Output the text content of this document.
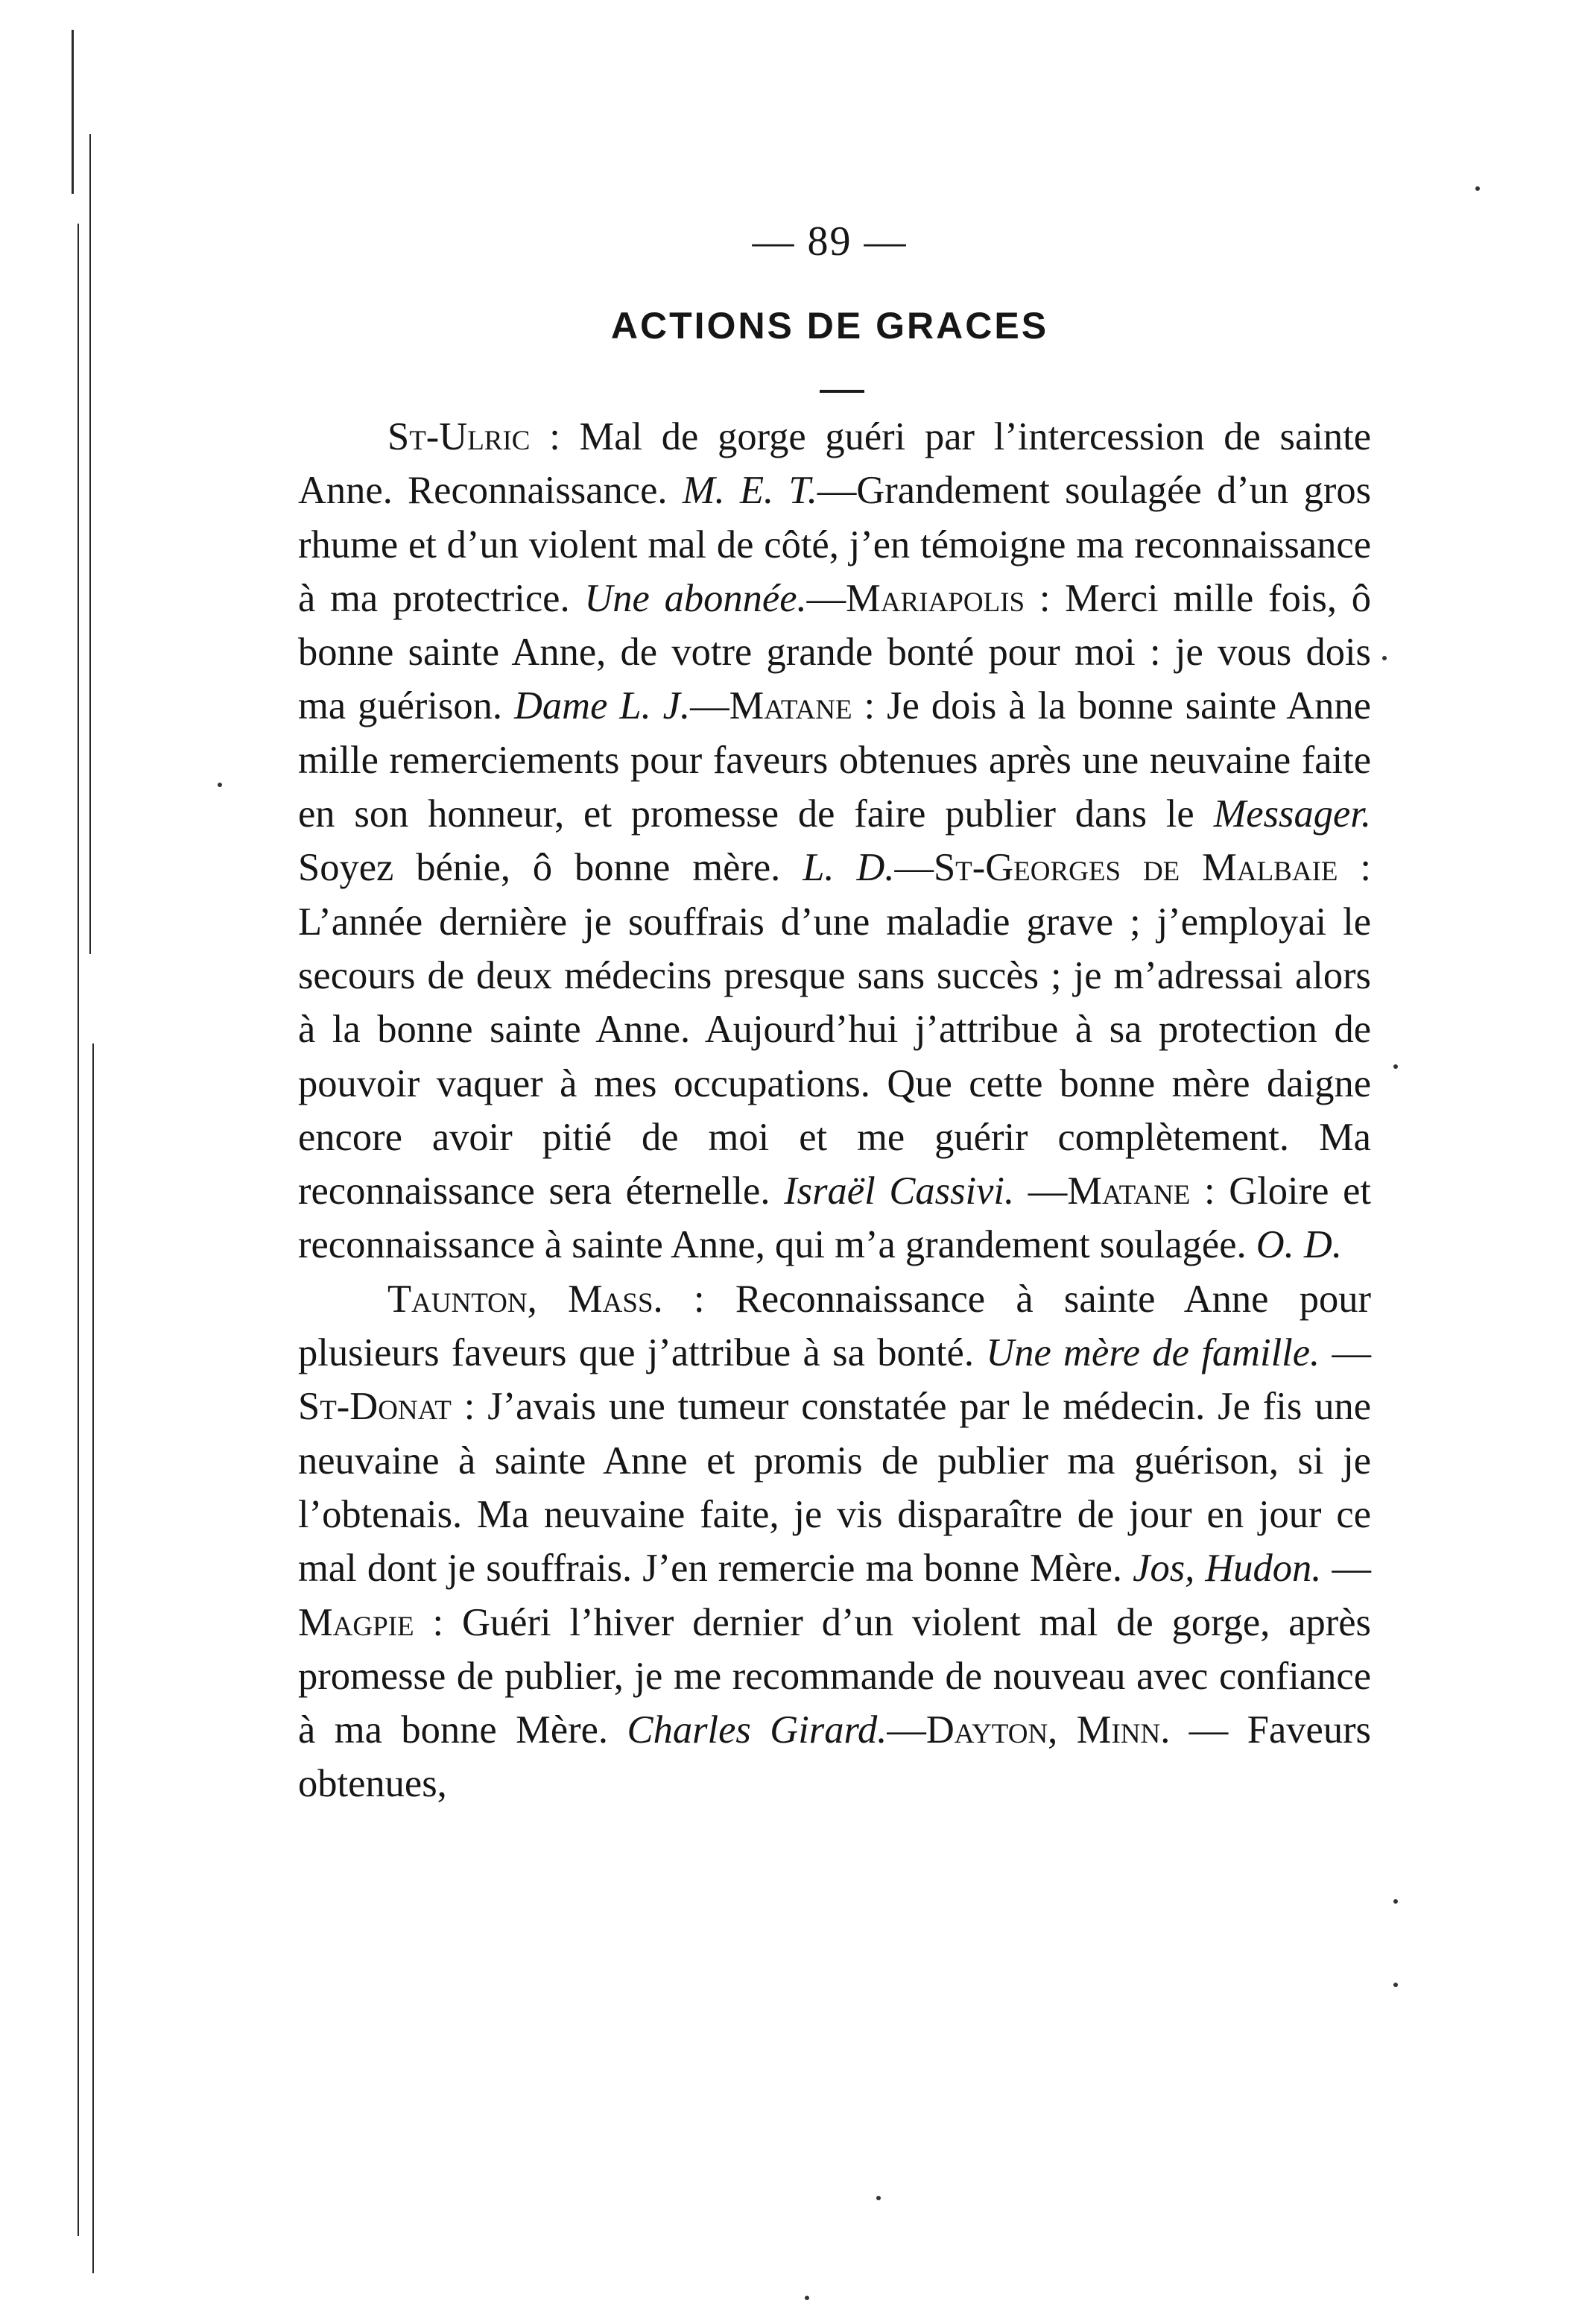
— 89 —
ACTIONS DE GRACES

St-Ulric : Mal de gorge guéri par l’intercession de sainte Anne. Reconnaissance. M. E. T.—Grandement soulagée d’un gros rhume et d’un violent mal de côté, j’en témoigne ma reconnaissance à ma protectrice. Une abonnée.—Mariapolis : Merci mille fois, ô bonne sainte Anne, de votre grande bonté pour moi : je vous dois ma guérison. Dame L. J.—Matane : Je dois à la bonne sainte Anne mille remerciements pour faveurs obtenues après une neuvaine faite en son honneur, et promesse de faire publier dans le Messager. Soyez bénie, ô bonne mère. L. D.—St-Georges de Malbaie : L’année dernière je souffrais d’une maladie grave ; j’employai le secours de deux médecins presque sans succès ; je m’adressai alors à la bonne sainte Anne. Aujourd’hui j’attribue à sa protection de pouvoir vaquer à mes occupations. Que cette bonne mère daigne encore avoir pitié de moi et me guérir complètement. Ma reconnaissance sera éternelle. Israël Cassivi. —Matane : Gloire et reconnaissance à sainte Anne, qui m’a grandement soulagée. O. D.

Taunton, Mass. : Reconnaissance à sainte Anne pour plusieurs faveurs que j’attribue à sa bonté. Une mère de famille. — St-Donat : J’avais une tumeur constatée par le médecin. Je fis une neuvaine à sainte Anne et promis de publier ma guérison, si je l’obtenais. Ma neuvaine faite, je vis disparaître de jour en jour ce mal dont je souffrais. J’en remercie ma bonne Mère. Jos, Hudon. — Magpie : Guéri l’hiver dernier d’un violent mal de gorge, après promesse de publier, je me recommande de nouveau avec confiance à ma bonne Mère. Charles Girard.—Dayton, Minn. — Faveurs obtenues,
